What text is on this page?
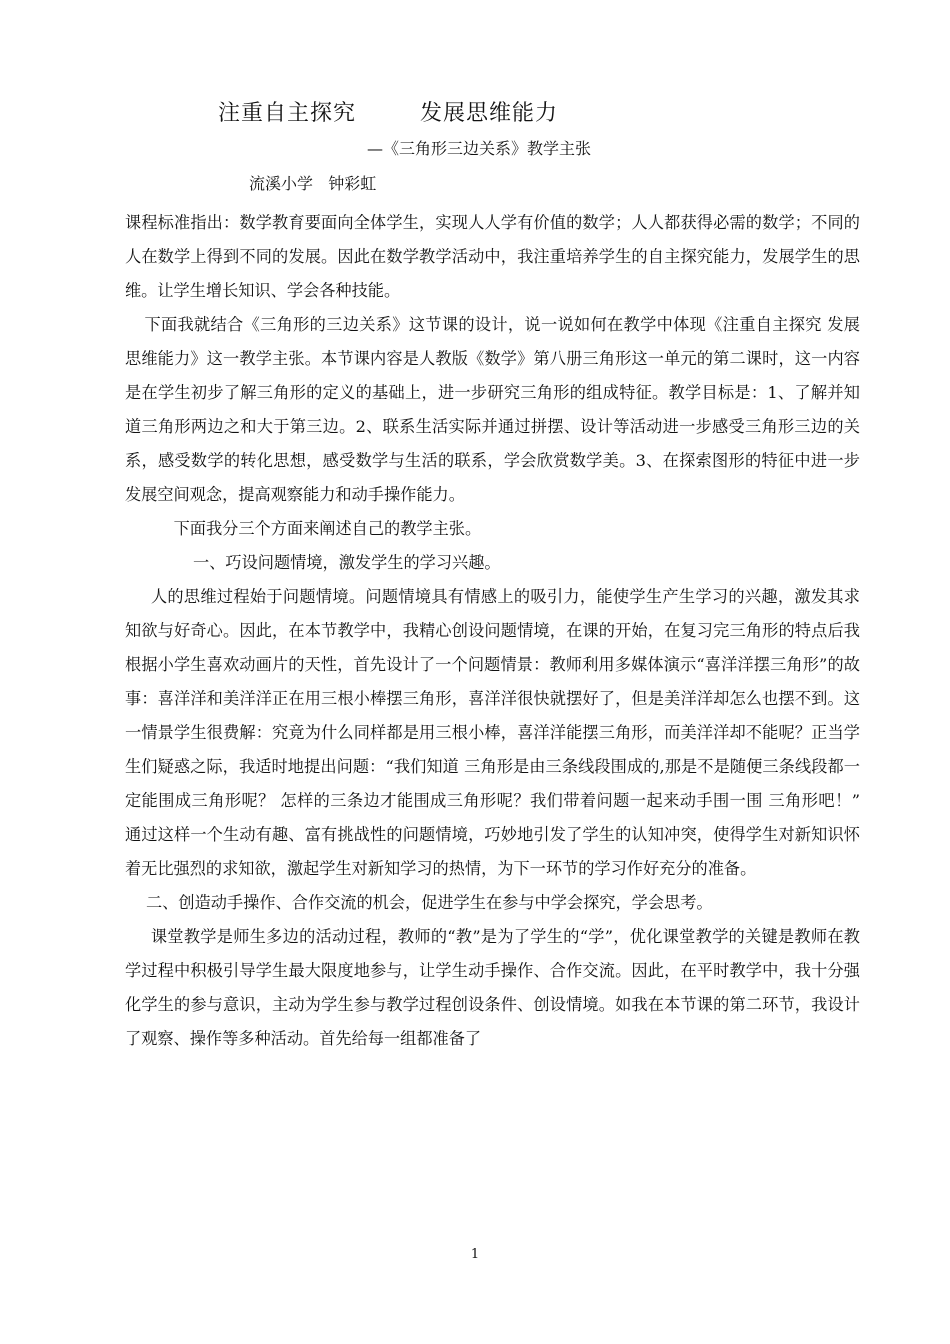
注重自主探究        发展思维能力
—《三角形三边关系》教学主张
流溪小学   钟彩虹

课程标准指出：数学教育要面向全体学生，实现人人学有价值的数学；人人都获得必需的数学；不同的人在数学上得到不同的发展。因此在数学教学活动中，我注重培养学生的自主探究能力，发展学生的思维。让学生增长知识、学会各种技能。

下面我就结合《三角形的三边关系》这节课的设计，说一说如何在教学中体现《注重自主探究 发展思维能力》这一教学主张。本节课内容是人教版《数学》第八册三角形这一单元的第二课时，这一内容是在学生初步了解三角形的定义的基础上，进一步研究三角形的组成特征。教学目标是：1、了解并知道三角形两边之和大于第三边。2、联系生活实际并通过拼摆、设计等活动进一步感受三角形三边的关系，感受数学的转化思想，感受数学与生活的联系，学会欣赏数学美。3、在探索图形的特征中进一步发展空间观念，提高观察能力和动手操作能力。

下面我分三个方面来阐述自己的教学主张。

一、巧设问题情境，激发学生的学习兴趣。

人的思维过程始于问题情境。问题情境具有情感上的吸引力，能使学生产生学习的兴趣，激发其求知欲与好奇心。因此，在本节教学中，我精心创设问题情境，在课的开始，在复习完三角形的特点后我根据小学生喜欢动画片的天性，首先设计了一个问题情景：教师利用多媒体演示“喜洋洋摆三角形”的故事：喜洋洋和美洋洋正在用三根小棒摆三角形，喜洋洋很快就摆好了，但是美洋洋却怎么也摆不到。这一情景学生很费解：究竟为什么同样都是用三根小棒，喜洋洋能摆三角形，而美洋洋却不能呢？正当学生们疑惑之际，我适时地提出问题：“我们知道 三角形是由三条线段围成的,那是不是随便三条线段都一定能围成三角形呢？ 怎样的三条边才能围成三角形呢？我们带着问题一起来动手围一围 三角形吧！” 通过这样一个生动有趣、富有挑战性的问题情境，巧妙地引发了学生的认知冲突，使得学生对新知识怀着无比强烈的求知欲，激起学生对新知学习的热情，为下一环节的学习作好充分的准备。

二、创造动手操作、合作交流的机会，促进学生在参与中学会探究，学会思考。

课堂教学是师生多边的活动过程，教师的“教”是为了学生的“学”，优化课堂教学的关键是教师在教学过程中积极引导学生最大限度地参与，让学生动手操作、合作交流。因此，在平时教学中，我十分强化学生的参与意识，主动为学生参与教学过程创设条件、创设情境。如我在本节课的第二环节，我设计了观察、操作等多种活动。首先给每一组都准备了

1
